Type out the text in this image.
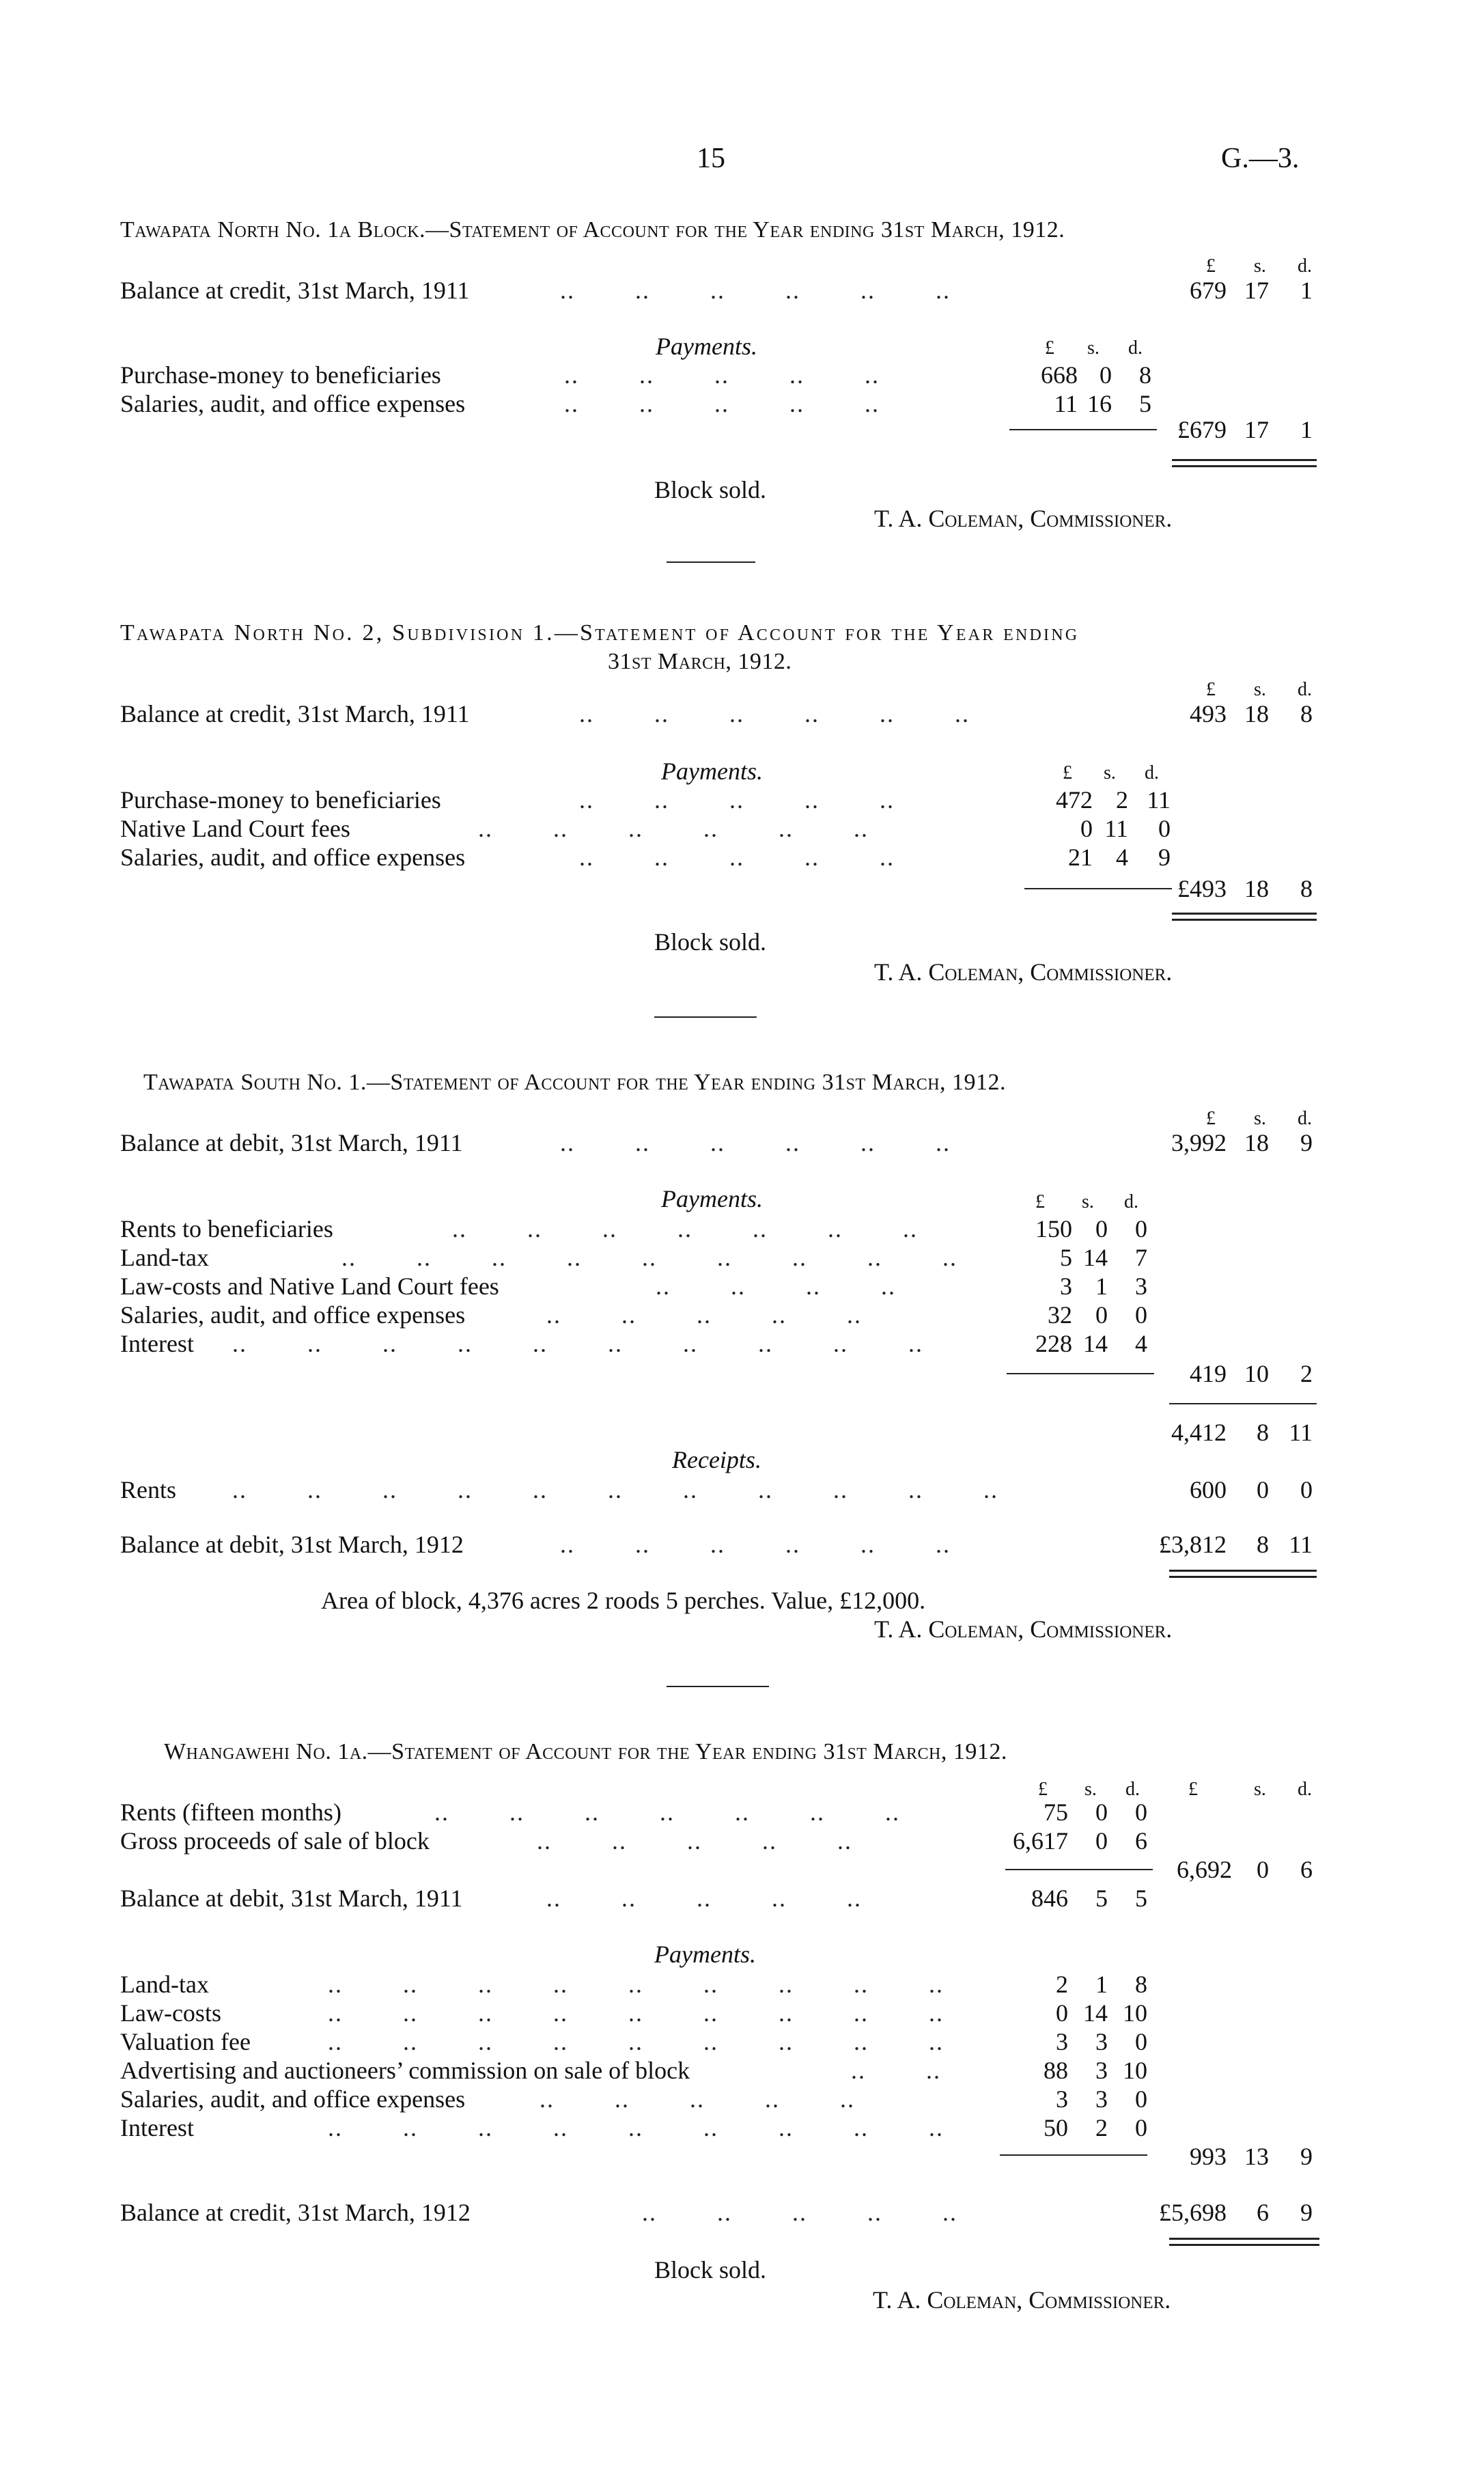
15	G.—3.
Tawapata North No. 1a Block.—Statement of Account for the Year ending 31st March, 1912.
£ s. d.
Balance at credit, 31st March, 1911	..        ..        ..        ..        ..        ..	679 17	1
Payments.	£ s. d.
Purchase-money to beneficiaries	..        ..        ..        ..        ..	668 0	8
Salaries, audit, and office expenses	..        ..        ..        ..        ..	11 16	5
£679 17	1
Block sold.
T. A. Coleman, Commissioner.
Tawapata North No. 2, Subdivision 1.—Statement of Account for the Year ending
31st March, 1912.
£ s. d.
Balance at credit, 31st March, 1911	..        ..        ..        ..        ..        ..	493 18	8
Payments.	£ s. d.
Purchase-money to beneficiaries	..        ..        ..        ..        ..	472 2 11
Native Land Court fees	..        ..        ..        ..        ..        ..	0 11	0
Salaries, audit, and office expenses	..        ..        ..        ..        ..	21 4	9
£493 18	8
Block sold.
T. A. Coleman, Commissioner.
Tawapata South No. 1.—Statement of Account for the Year ending 31st March, 1912.
£ s. d.
Balance at debit, 31st March, 1911	..        ..        ..        ..        ..        ..	3,992 18	9
Payments.	£ s. d.
Rents to beneficiaries	..        ..        ..        ..        ..        ..        ..	150 0	0
Land-tax	..        ..        ..        ..        ..        ..        ..        ..        ..	5 14	7
Law-costs and Native Land Court fees	..        ..        ..        ..	3 1	3
Salaries, audit, and office expenses	..        ..        ..        ..        ..	32 0	0
Interest ..        ..        ..        ..        ..        ..        ..        ..        ..        ..	228 14	4
419 10	2
4,412	8 11
Receipts.
Rents ..        ..        ..        ..        ..        ..        ..        ..        ..        ..        ..	600	0	0
Balance at debit, 31st March, 1912	..        ..        ..        ..        ..        ..	£3,812	8 11
Area of block, 4,376 acres 2 roods 5 perches. Value, £12,000.
T. A. Coleman, Commissioner.
Whangawehi No. 1a.—Statement of Account for the Year ending 31st March, 1912.
£ s. d.	£	s. d.
Rents (fifteen months)	..        ..        ..        ..        ..        ..        ..	75	0	0
Gross proceeds of sale of block	..        ..        ..        ..        ..	6,617	0	6
6,692	0	6
Balance at debit, 31st March, 1911	..        ..        ..        ..        ..	846	5	5
Payments.
Land-tax	..        ..        ..        ..        ..        ..        ..        ..        ..	2	1	8
Law-costs	..        ..        ..        ..        ..        ..        ..        ..        ..	0 14 10
Valuation fee	..        ..        ..        ..        ..        ..        ..        ..        ..	3	3	0
Advertising and auctioneers’ commission on sale of block	..        ..	88	3 10
Salaries, audit, and office expenses	..        ..        ..        ..        ..	3	3	0
Interest	..        ..        ..        ..        ..        ..        ..        ..        ..	50	2	0
993 13	9
Balance at credit, 31st March, 1912	..        ..        ..        ..        ..	£5,698	6	9
Block sold.
T. A. Coleman, Commissioner.
